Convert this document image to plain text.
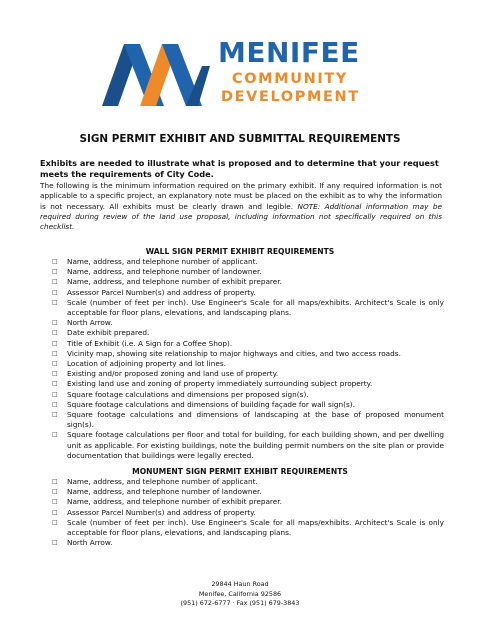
MENIFEE
COMMUNITY
DEVELOPMENT
SIGN PERMIT EXHIBIT AND SUBMITTAL REQUIREMENTS
Exhibits are needed to illustrate what is proposed and to determine that your request meets the requirements of City Code.
The following is the minimum information required on the primary exhibit. If any required information is not applicable to a specific project, an explanatory note must be placed on the exhibit as to why the information is not necessary. All exhibits must be clearly drawn and legible. NOTE: Additional information may be required during review of the land use proposal, including information not specifically required on this checklist.
WALL SIGN PERMIT EXHIBIT REQUIREMENTS
□ Name, address, and telephone number of applicant.
□ Name, address, and telephone number of landowner.
□ Name, address, and telephone number of exhibit preparer.
□ Assessor Parcel Number(s) and address of property.
□ Scale (number of feet per inch). Use Engineer's Scale for all maps/exhibits. Architect's Scale is only acceptable for floor plans, elevations, and landscaping plans.
□ North Arrow.
□ Date exhibit prepared.
□ Title of Exhibit (i.e. A Sign for a Coffee Shop).
□ Vicinity map, showing site relationship to major highways and cities, and two access roads.
□ Location of adjoining property and lot lines.
□ Existing and/or proposed zoning and land use of property.
□ Existing land use and zoning of property immediately surrounding subject property.
□ Square footage calculations and dimensions per proposed sign(s).
□ Square footage calculations and dimensions of building façade for wall sign(s).
□ Square footage calculations and dimensions of landscaping at the base of proposed monument sign(s).
□ Square footage calculations per floor and total for building, for each building shown, and per dwelling unit as applicable. For existing buildings, note the building permit numbers on the site plan or provide documentation that buildings were legally erected.
MONUMENT SIGN PERMIT EXHIBIT REQUIREMENTS
□ Name, address, and telephone number of applicant.
□ Name, address, and telephone number of landowner.
□ Name, address, and telephone number of exhibit preparer.
□ Assessor Parcel Number(s) and address of property.
□ Scale (number of feet per inch). Use Engineer's Scale for all maps/exhibits. Architect's Scale is only acceptable for floor plans, elevations, and landscaping plans.
□ North Arrow.
29844 Haun Road
Menifee, California 92586
(951) 672-6777 · Fax (951) 679-3843
